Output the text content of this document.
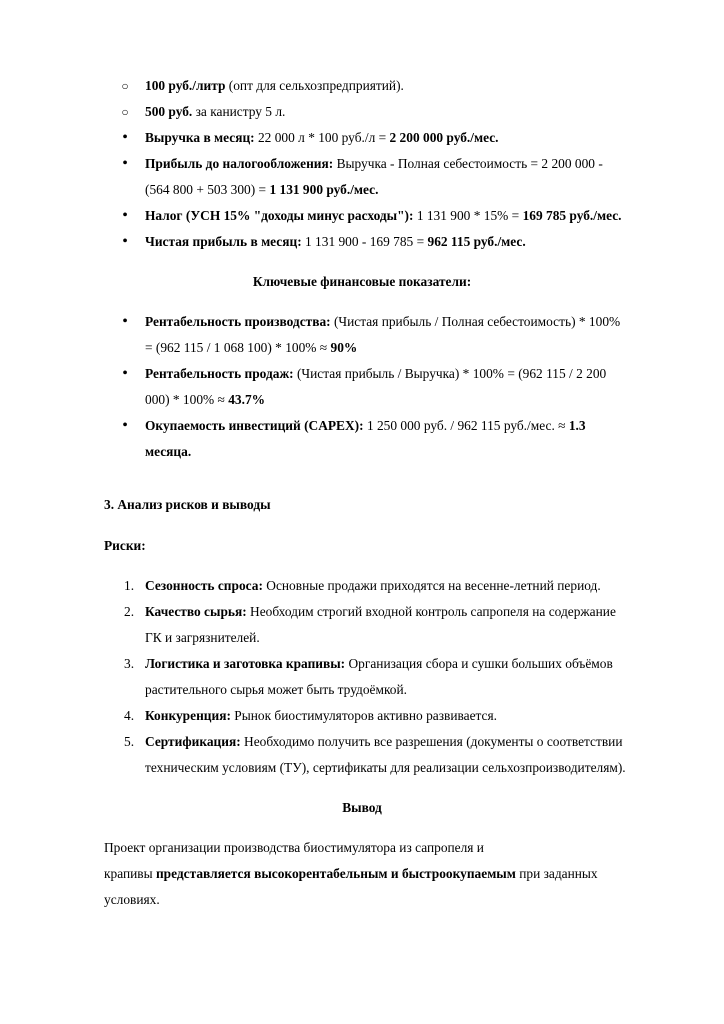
○ 100 руб./литр (опт для сельхозпредприятий).
○ 500 руб. за канистру 5 л.
•	Выручка в месяц: 22 000 л * 100 руб./л = 2 200 000 руб./мес.
•	Прибыль до налогообложения: Выручка - Полная себестоимость = 2 200 000 -
(564 800 + 503 300) = 1 131 900 руб./мес.
•	Налог (УСН 15% "доходы минус расходы"): 1 131 900 * 15% = 169 785 руб./мес.
•	Чистая прибыль в месяц: 1 131 900 - 169 785 = 962 115 руб./мес.
Ключевые финансовые показатели:
•	Рентабельность производства: (Чистая прибыль / Полная себестоимость) * 100%
= (962 115 / 1 068 100) * 100% ≈ 90%
•	Рентабельность продаж: (Чистая прибыль / Выручка) * 100% = (962 115 / 2 200
000) * 100% ≈ 43.7%
•	Окупаемость инвестиций (CAPEX): 1 250 000 руб. / 962 115 руб./мес. ≈ 1.3
месяца.
3. Анализ рисков и выводы
Риски:
1. Сезонность спроса: Основные продажи приходятся на весенне-летний период.
2. Качество сырья: Необходим строгий входной контроль сапропеля на содержание
ГК и загрязнителей.
3. Логистика и заготовка крапивы: Организация сбора и сушки больших объёмов
растительного сырья может быть трудоёмкой.
4. Конкуренция: Рынок биостимуляторов активно развивается.
5. Сертификация: Необходимо получить все разрешения (документы о соответствии
техническим условиям (ТУ), сертификаты для реализации сельхозпроизводителям).
Вывод
Проект организации производства биостимулятора из сапропеля и
крапивы представляется высокорентабельным и быстроокупаемым при заданных
условиях.
